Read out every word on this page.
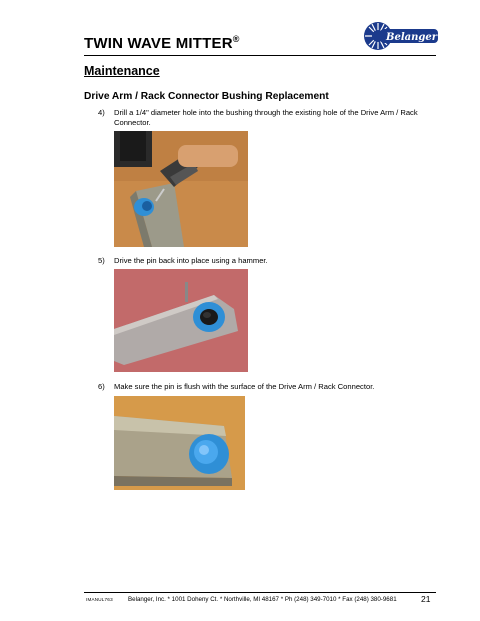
TWIN WAVE MITTER®	Belanger
Maintenance
Drive Arm / Rack Connector Bushing Replacement
4) Drill a 1/4" diameter hole into the bushing through the existing hole of the Drive Arm / Rack Connector.
5) Drive the pin back into place using a hammer.
6) Make sure the pin is flush with the surface of the Drive Arm / Rack Connector.
IMANUL763 Belanger, Inc. * 1001 Doheny Ct. * Northville, MI 48167 * Ph (248) 349-7010 * Fax (248) 380-9681	21
